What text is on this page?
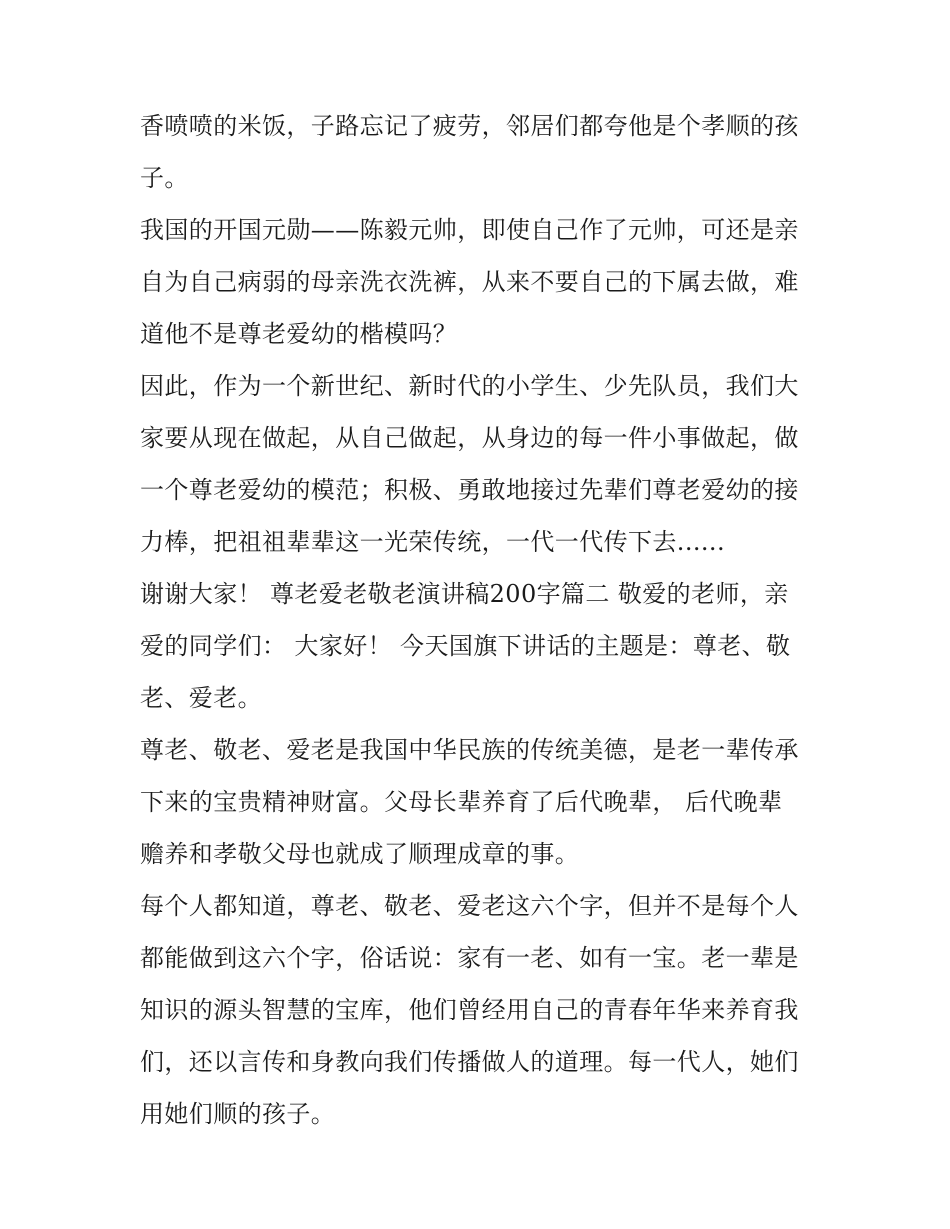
香喷喷的米饭，子路忘记了疲劳，邻居们都夸他是个孝顺的孩
子。
我国的开国元勋——陈毅元帅，即使自己作了元帅，可还是亲
自为自己病弱的母亲洗衣洗裤，从来不要自己的下属去做，难
道他不是尊老爱幼的楷模吗？
因此，作为一个新世纪、新时代的小学生、少先队员，我们大
家要从现在做起，从自己做起，从身边的每一件小事做起，做
一个尊老爱幼的模范；积极、勇敢地接过先辈们尊老爱幼的接
力棒，把祖祖辈辈这一光荣传统，一代一代传下去......
谢谢大家！ 尊老爱老敬老演讲稿200字篇二 敬爱的老师，亲
爱的同学们： 大家好！ 今天国旗下讲话的主题是：尊老、敬
老、爱老。
尊老、敬老、爱老是我国中华民族的传统美德，是老一辈传承
下来的宝贵精神财富。父母长辈养育了后代晚辈， 后代晚辈
赡养和孝敬父母也就成了顺理成章的事。
每个人都知道，尊老、敬老、爱老这六个字，但并不是每个人
都能做到这六个字，俗话说：家有一老、如有一宝。老一辈是
知识的源头智慧的宝库，他们曾经用自己的青春年华来养育我
们，还以言传和身教向我们传播做人的道理。每一代人，她们
用她们顺的孩子。
